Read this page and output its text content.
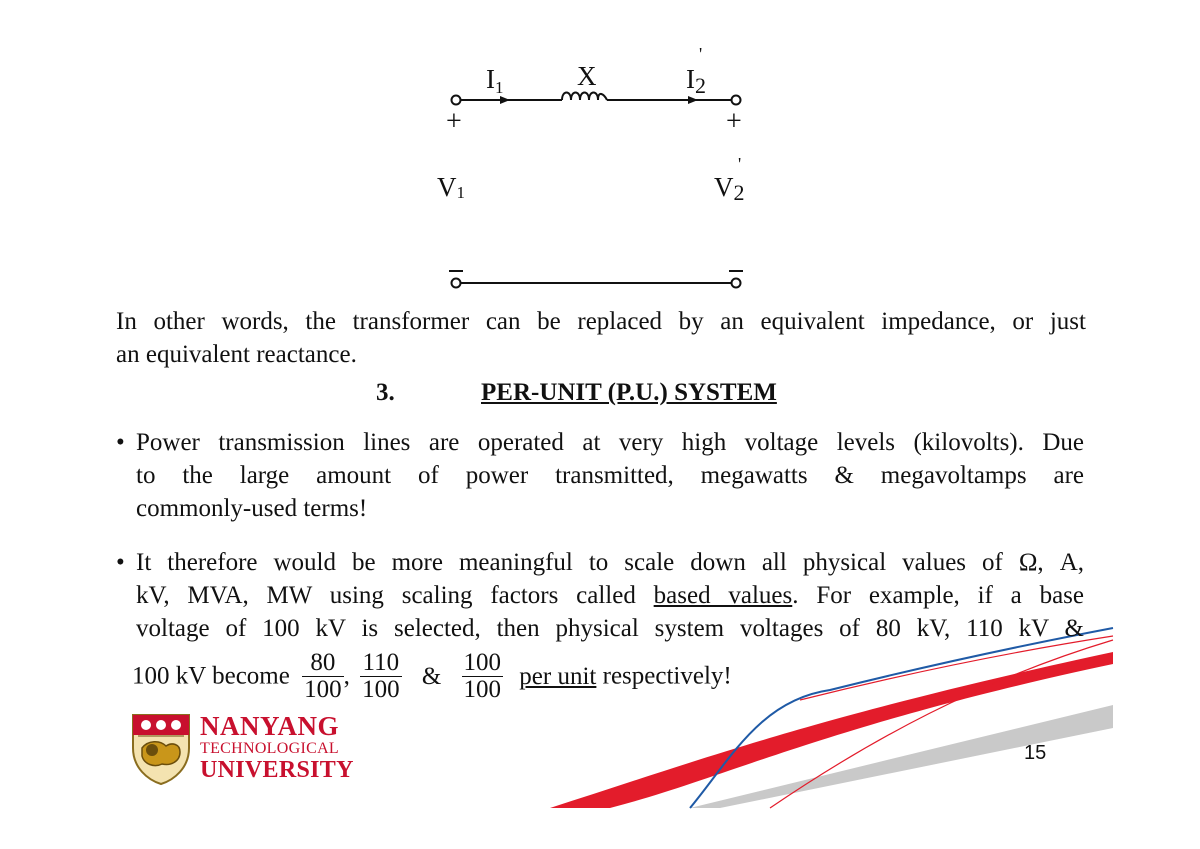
I1	X	I2
'
+	+
V1	V2
'
In other words, the transformer can be replaced by an equivalent impedance, or just
an equivalent reactance.
3.	PER-UNIT (P.U.) SYSTEM
• Power transmission lines are operated at very high voltage levels (kilovolts). Due
to the large amount of power transmitted, megawatts & megavoltamps are
commonly-used terms!
• It therefore would be more meaningful to scale down all physical values of Ω, A,
kV, MVA, MW using scaling factors called based values. For example, if a base
voltage of 100 kV is selected, then physical system voltages of 80 kV, 110 kV &
100 kV become $\frac{80}{100}$ , $\frac{110}{100}$ & $\frac{100}{100}$ per unit respectively!
NANYANG
TECHNOLOGICAL
UNIVERSITY
15
